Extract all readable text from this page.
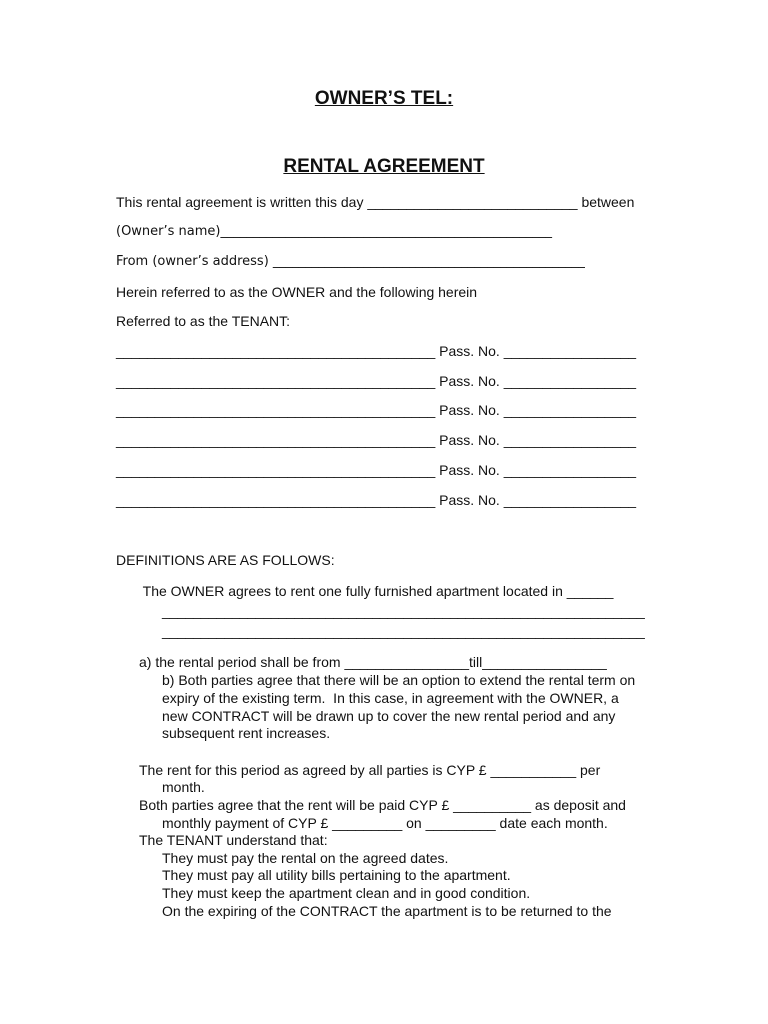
OWNER’S TEL:
RENTAL AGREEMENT
This rental agreement is written this day ___________________________ between
(Owner’s name)___________________________________________________
From (owner’s address) ________________________________________________
Herein referred to as the OWNER and the following herein
Referred to as the TENANT:
_________________________________________ Pass. No. _________________
_________________________________________ Pass. No. _________________
_________________________________________ Pass. No. _________________
_________________________________________ Pass. No. _________________
_________________________________________ Pass. No. _________________
_________________________________________ Pass. No. _________________
DEFINITIONS ARE AS FOLLOWS:
The OWNER agrees to rent one fully furnished apartment located in ______
______________________________________________________________
______________________________________________________________
a) the rental period shall be from ________________till________________
b) Both parties agree that there will be an option to extend the rental term on
expiry of the existing term.  In this case, in agreement with the OWNER, a
new CONTRACT will be drawn up to cover the new rental period and any
subsequent rent increases.
The rent for this period as agreed by all parties is CYP £ ___________ per
month.
Both parties agree that the rent will be paid CYP £ __________ as deposit and
monthly payment of CYP £ _________ on _________ date each month.
The TENANT understand that:
They must pay the rental on the agreed dates.
They must pay all utility bills pertaining to the apartment.
They must keep the apartment clean and in good condition.
On the expiring of the CONTRACT the apartment is to be returned to the
